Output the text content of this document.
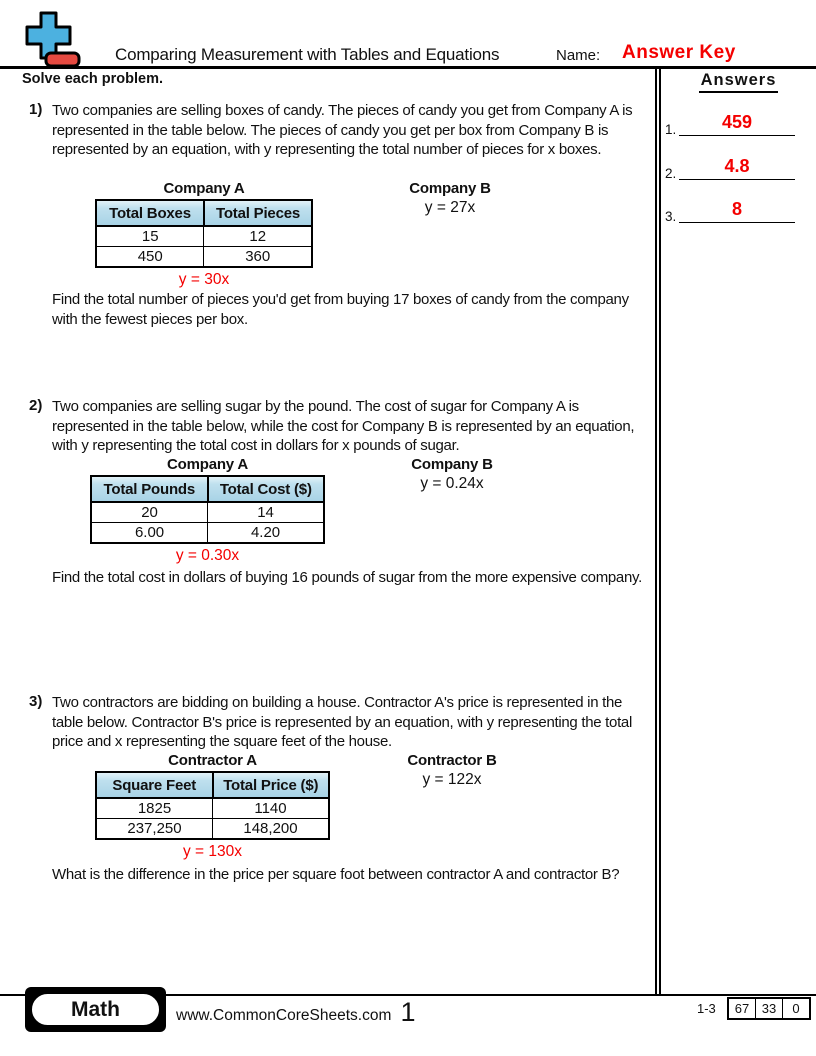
Comparing Measurement with Tables and Equations	Name: Answer Key
Solve each problem.	Answers
1.	459
2.	4.8
3.	8
1) Two companies are selling boxes of candy. The pieces of candy you get from Company A is represented in the table below. The pieces of candy you get per box from Company B is represented by an equation, with y representing the total number of pieces for x boxes.
Company A
Total Boxes	Total Pieces
15	12
450	360
y = 30x
Company B
y = 27x
Find the total number of pieces you'd get from buying 17 boxes of candy from the company with the fewest pieces per box.
2) Two companies are selling sugar by the pound. The cost of sugar for Company A is represented in the table below, while the cost for Company B is represented by an equation, with y representing the total cost in dollars for x pounds of sugar.
Company A
Total Pounds	Total Cost ($)
20	14
6.00	4.20
y = 0.30x
Company B
y = 0.24x
Find the total cost in dollars of buying 16 pounds of sugar from the more expensive company.
3) Two contractors are bidding on building a house. Contractor A's price is represented in the table below. Contractor B's price is represented by an equation, with y representing the total price and x representing the square feet of the house.
Contractor A
Square Feet	Total Price ($)
1825	1140
237,250	148,200
y = 130x
Contractor B
y = 122x
What is the difference in the price per square foot between contractor A and contractor B?
Math	www.CommonCoreSheets.com 1	1-3 67	33	0
